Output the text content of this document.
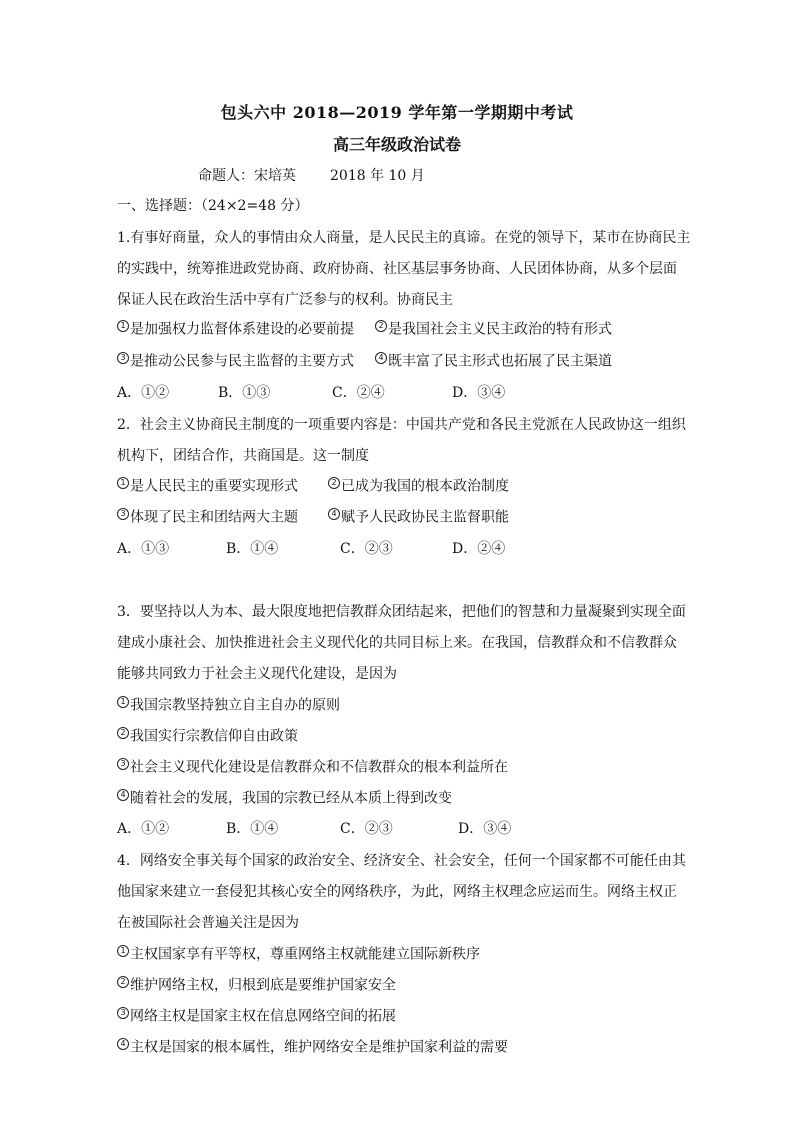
包头六中 2018—2019 学年第一学期期中考试
高三年级政治试卷
命题人：宋培英 2018 年 10 月
一、选择题：（24×2=48 分）
1.有事好商量，众人的事情由众人商量，是人民民主的真谛。在党的领导下，某市在协商民主
的实践中，统筹推进政党协商、政府协商、社区基层事务协商、人民团体协商，从多个层面
保证人民在政治生活中享有广泛参与的权利。协商民主
1 是加强权力监督体系建设的必要前提	2 是我国社会主义民主政治的特有形式
3 是推动公民参与民主监督的主要方式	4 既丰富了民主形式也拓展了民主渠道
A．①②	B．①③	C．②④	D．③④
2．社会主义协商民主制度的一项重要内容是：中国共产党和各民主党派在人民政协这一组织
机构下，团结合作，共商国是。这一制度
1 是人民民主的重要实现形式	2 已成为我国的根本政治制度
3 体现了民主和团结两大主题	4 赋予人民政协民主监督职能
A．①③	B．①④	C．②③	D．②④
3．要坚持以人为本、最大限度地把信教群众团结起来，把他们的智慧和力量凝聚到实现全面
建成小康社会、加快推进社会主义现代化的共同目标上来。在我国，信教群众和不信教群众
能够共同致力于社会主义现代化建设，是因为
1 我国宗教坚持独立自主自办的原则
2 我国实行宗教信仰自由政策
3 社会主义现代化建设是信教群众和不信教群众的根本利益所在
4 随着社会的发展，我国的宗教已经从本质上得到改变
A．①②	B．①④	C．②③	D．③④
4．网络安全事关每个国家的政治安全、经济安全、社会安全，任何一个国家都不可能任由其
他国家来建立一套侵犯其核心安全的网络秩序，为此，网络主权理念应运而生。网络主权正
在被国际社会普遍关注是因为
1 主权国家享有平等权，尊重网络主权就能建立国际新秩序
2 维护网络主权，归根到底是要维护国家安全
3 网络主权是国家主权在信息网络空间的拓展
4 主权是国家的根本属性，维护网络安全是维护国家利益的需要
